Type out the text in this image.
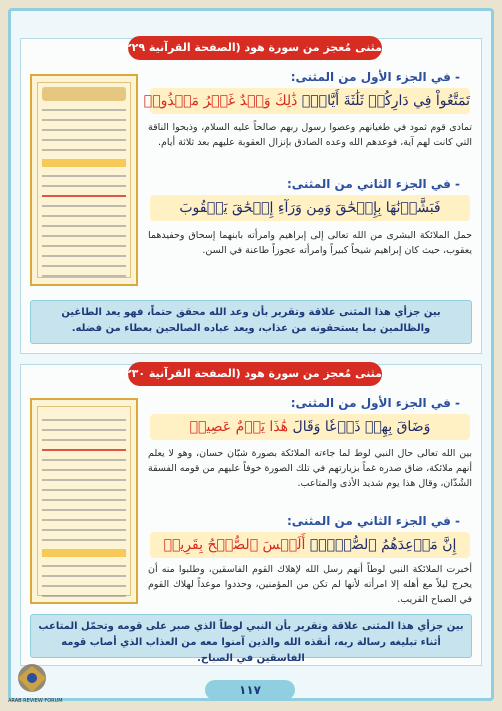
مثنى مُعجز من سورة هود (الصفحة القرآنية ٢٢٩)
- في الجزء الأول من المثنى:
تَمَتَّعُواْ فِي دَارِكُمۡ ثَلَٰثَةَ أَيَّامٍۖ ذَٰلِكَ وَعۡدٌ غَيۡرُ مَكۡذُوبٖ
تمادى قوم ثمود في طغيانهم وعصوا رسول ربهم صالحاً عليه السلام، وذبحوا الناقة التي كانت لهم آية، فوعدهم الله وعده الصادق بإنزال العقوبة عليهم بعد ثلاثة أيام.
- في الجزء الثاني من المثنى:
فَبَشَّرۡنَٰهَا بِإِسۡحَٰقَ وَمِن وَرَآءِ إِسۡحَٰقَ يَعۡقُوبَ
حمل الملائكة البشرى من الله تعالى إلى إبراهيم وامرأته بابنهما إسحاق وحفيدهما يعقوب، حيث كان إبراهيم شيخاً كبيراً وامرأته عجوزاً طاعنة في السن.
بين جزأي هذا المثنى علاقة وتقرير بأن وعد الله محقق حتماً، فهو يعد الطاغين والظالمين بما يستحقونه من عذاب، ويعد عباده الصالحين بعطاء من فضله.
مثنى مُعجز من سورة هود (الصفحة القرآنية ٢٣٠)
- في الجزء الأول من المثنى:
وَضَاقَ بِهِمۡ ذَرۡعٗا وَقَالَ هَٰذَا يَوۡمٌ عَصِيبٞ
بين الله تعالى حال النبي لوط لما جاءته الملائكة بصورة شبّان حسان، وهو لا يعلم أنهم ملائكة، ضاق صدره غماً بزيارتهم في تلك الصورة خوفاً عليهم من قومه الفسقة الشُذّان، وقال هذا يوم شديد الأذى والمتاعب.
- في الجزء الثاني من المثنى:
إِنَّ مَوۡعِدَهُمُ ٱلصُّبۡحُۚ أَلَيۡسَ ٱلصُّبۡحُ بِقَرِيبٖ
أخبرت الملائكة النبي لوطاً أنهم رسل الله لإهلاك القوم الفاسقين، وطلبوا منه أن يخرج ليلاً مع أهله إلا امرأته لأنها لم تكن من المؤمنين، وحددوا موعداً لهلاك القوم في الصباح القريب.
بين جزأي هذا المثنى علاقة وتقرير بأن النبي لوطاً الذي صبر على قومه وتحمّل المتاعب أثناء تبليغه رسالة ربه، أنقذه الله والذين آمنوا معه من العذاب الذي أصاب قومه الفاسقين في الصباح.
١١٧
ARAB REVIEW FORUM
